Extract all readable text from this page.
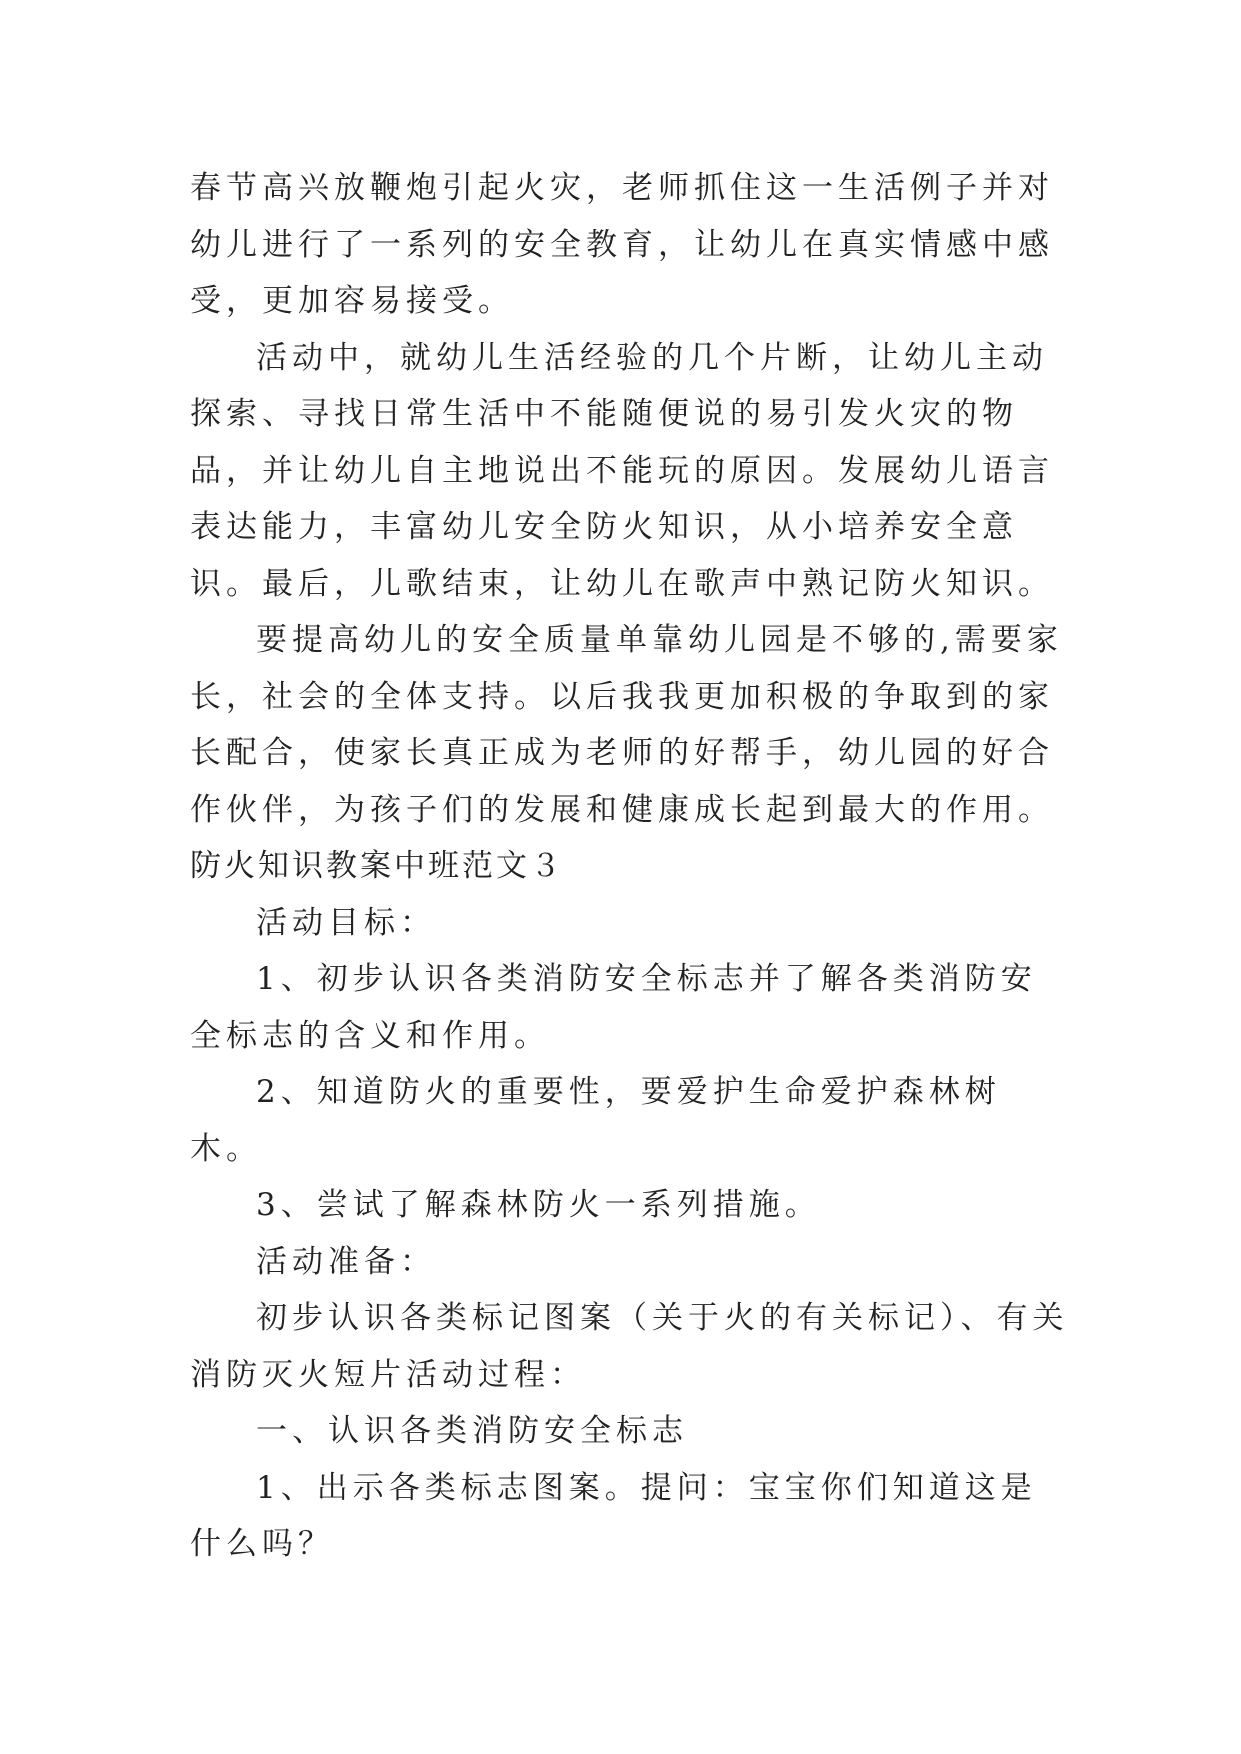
春节高兴放鞭炮引起火灾，老师抓住这一生活例子并对幼儿进行了一系列的安全教育，让幼儿在真实情感中感受，更加容易接受。

活动中，就幼儿生活经验的几个片断，让幼儿主动探索、寻找日常生活中不能随便说的易引发火灾的物品，并让幼儿自主地说出不能玩的原因。发展幼儿语言表达能力，丰富幼儿安全防火知识，从小培养安全意识。最后，儿歌结束，让幼儿在歌声中熟记防火知识。

要提高幼儿的安全质量单靠幼儿园是不够的,需要家长，社会的全体支持。以后我我更加积极的争取到的家长配合，使家长真正成为老师的好帮手，幼儿园的好合作伙伴，为孩子们的发展和健康成长起到最大的作用。

防火知识教案中班范文３

活动目标：

1、初步认识各类消防安全标志并了解各类消防安全标志的含义和作用。

2、知道防火的重要性，要爱护生命爱护森林树木。

3、尝试了解森林防火一系列措施。

活动准备：

初步认识各类标记图案（关于火的有关标记）、有关消防灭火短片活动过程：

一、认识各类消防安全标志

1、出示各类标志图案。提问：宝宝你们知道这是什么吗？
